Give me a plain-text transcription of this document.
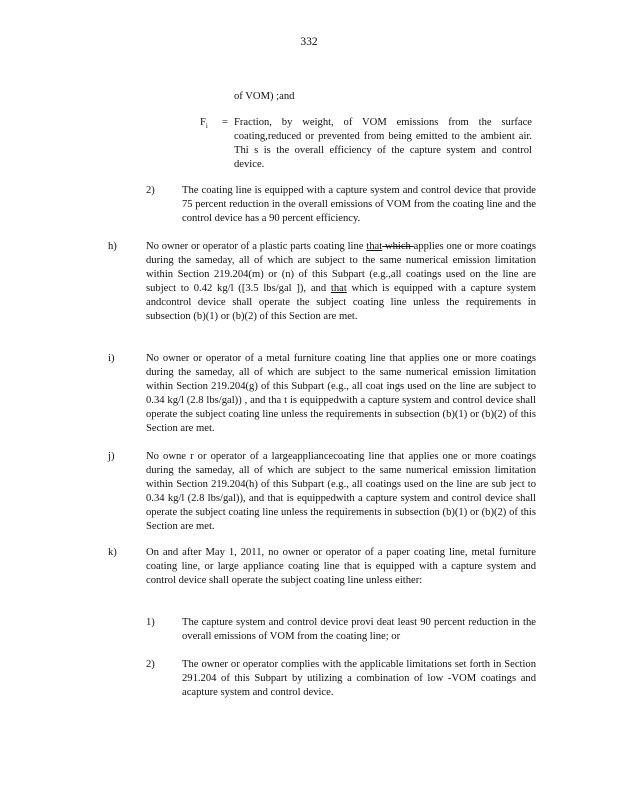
332
of VOM) ;and
$F_i$ = Fraction, by weight, of VOM emissions from the surface coating,reduced or prevented from being emitted to the ambient air. Thi s is the overall efficiency of the capture system and control device.
2)	The coating line is equipped with a capture system and control device that provide 75 percent reduction in the overall emissions of VOM from the coating line and the control device has a 90 percent efficiency.
h)	No owner or operator of a plastic parts coating line that which applies one or more coatings during the sameday, all of which are subject to the same numerical emission limitation within Section 219.204(m) or (n) of this Subpart (e.g.,all coatings used on the line are subject to 0.42 kg/l ([3.5 lbs/gal ]), and that which is equipped with a capture system andcontrol device shall operate the subject coating line unless the requirements in subsection (b)(1) or (b)(2) of this Section are met.
i)	No owner or operator of a metal furniture coating line that applies one or more coatings during the sameday, all of which are subject to the same numerical emission limitation within Section 219.204(g) of this Subpart (e.g., all coat ings used on the line are subject to 0.34 kg/l (2.8 lbs/gal)) , and tha t is equippedwith a capture system and control device shall operate the subject coating line unless the requirements in subsection (b)(1) or (b)(2) of this Section are met.
j)	No owne r or operator of a largeappliancecoating line that applies one or more coatings during the sameday, all of which are subject to the same numerical emission limitation within Section 219.204(h) of this Subpart (e.g., all coatings used on the line are sub ject to 0.34 kg/l (2.8 lbs/gal)), and that is equippedwith a capture system and control device shall operate the subject coating line unless the requirements in subsection (b)(1) or (b)(2) of this Section are met.
k)	On and after May 1, 2011, no owner or operator of a paper coating line, metal furniture coating line, or large appliance coating line that is equipped with a capture system and control device shall operate the subject coating line unless either:
1)	The capture system and control device provi deat least 90 percent reduction in the overall emissions of VOM from the coating line; or
2)	The owner or operator complies with the applicable limitations set forth in Section 291.204 of this Subpart by utilizing a combination of low -VOM coatings and acapture system and control device.
